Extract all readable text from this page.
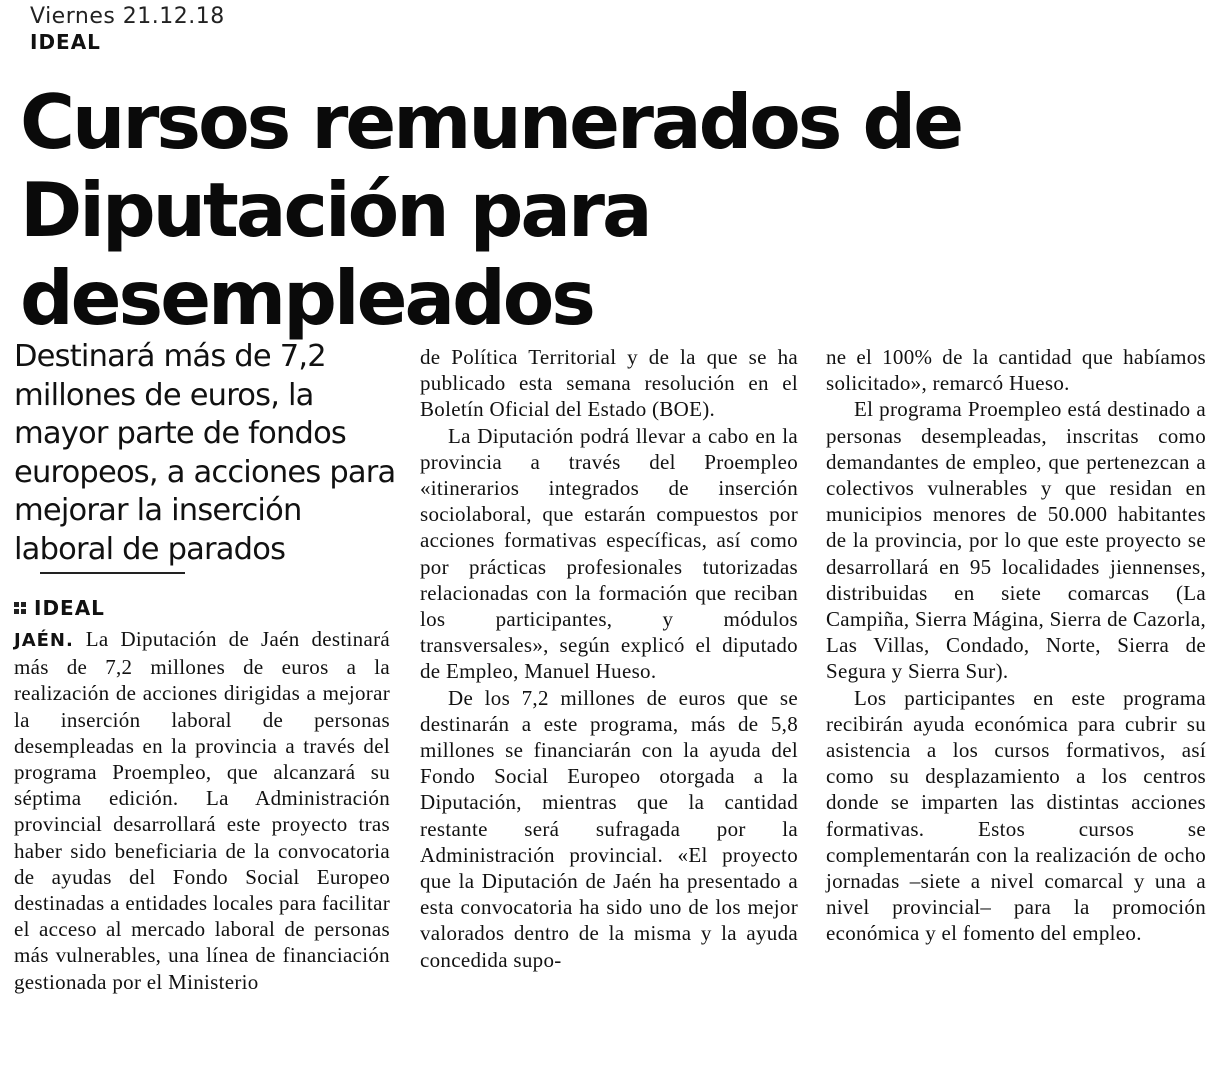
Viernes 21.12.18
IDEAL
Cursos remunerados de Diputación para desempleados

Destinará más de 7,2 millones de euros, la mayor parte de fondos europeos, a acciones para mejorar la inserción laboral de parados

IDEAL

JAÉN. La Diputación de Jaén destinará más de 7,2 millones de euros a la realización de acciones dirigidas a mejorar la inserción laboral de personas desempleadas en la provincia a través del programa Proempleo, que alcanzará su séptima edición. La Administración provincial desarrollará este proyecto tras haber sido beneficiaria de la convocatoria de ayudas del Fondo Social Europeo destinadas a entidades locales para facilitar el acceso al mercado laboral de personas más vulnerables, una línea de financiación gestionada por el Ministerio

de Política Territorial y de la que se ha publicado esta semana resolución en el Boletín Oficial del Estado (BOE).

La Diputación podrá llevar a cabo en la provincia a través del Proempleo «itinerarios integrados de inserción sociolaboral, que estarán compuestos por acciones formativas específicas, así como por prácticas profesionales tutorizadas relacionadas con la formación que reciban los participantes, y módulos transversales», según explicó el diputado de Empleo, Manuel Hueso.

De los 7,2 millones de euros que se destinarán a este programa, más de 5,8 millones se financiarán con la ayuda del Fondo Social Europeo otorgada a la Diputación, mientras que la cantidad restante será sufragada por la Administración provincial. «El proyecto que la Diputación de Jaén ha presentado a esta convocatoria ha sido uno de los mejor valorados dentro de la misma y la ayuda concedida supo-

ne el 100% de la cantidad que habíamos solicitado», remarcó Hueso.

El programa Proempleo está destinado a personas desempleadas, inscritas como demandantes de empleo, que pertenezcan a colectivos vulnerables y que residan en municipios menores de 50.000 habitantes de la provincia, por lo que este proyecto se desarrollará en 95 localidades jiennenses, distribuidas en siete comarcas (La Campiña, Sierra Mágina, Sierra de Cazorla, Las Villas, Condado, Norte, Sierra de Segura y Sierra Sur).

Los participantes en este programa recibirán ayuda económica para cubrir su asistencia a los cursos formativos, así como su desplazamiento a los centros donde se imparten las distintas acciones formativas. Estos cursos se complementarán con la realización de ocho jornadas –siete a nivel comarcal y una a nivel provincial– para la promoción económica y el fomento del empleo.
